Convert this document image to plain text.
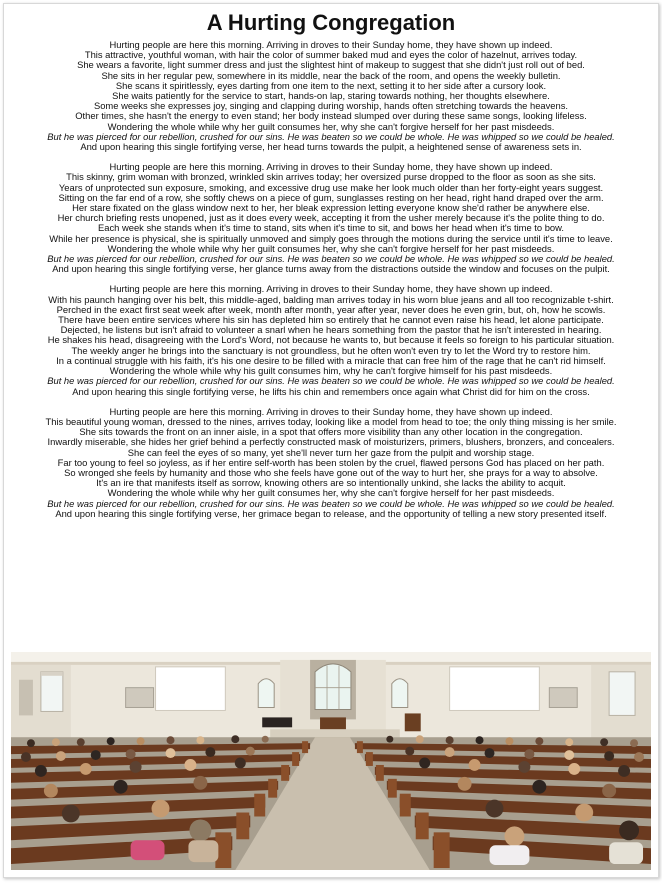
A Hurting Congregation
Hurting people are here this morning. Arriving in droves to their Sunday home, they have shown up indeed.
This attractive, youthful woman, with hair the color of summer baked mud and eyes the color of hazelnut, arrives today.
She wears a favorite, light summer dress and just the slightest hint of makeup to suggest that she didn't just roll out of bed.
She sits in her regular pew, somewhere in its middle, near the back of the room, and opens the weekly bulletin.
She scans it spiritlessly, eyes darting from one item to the next, setting it to her side after a cursory look.
She waits patiently for the service to start, hands-on lap, staring towards nothing, her thoughts elsewhere.
Some weeks she expresses joy, singing and clapping during worship, hands often stretching towards the heavens.
Other times, she hasn't the energy to even stand; her body instead slumped over during these same songs, looking lifeless.
Wondering the whole while why her guilt consumes her, why she can't forgive herself for her past misdeeds.
But he was pierced for our rebellion, crushed for our sins. He was beaten so we could be whole. He was whipped so we could be healed.
And upon hearing this single fortifying verse, her head turns towards the pulpit, a heightened sense of awareness sets in.
Hurting people are here this morning. Arriving in droves to their Sunday home, they have shown up indeed.
This skinny, grim woman with bronzed, wrinkled skin arrives today; her oversized purse dropped to the floor as soon as she sits.
Years of unprotected sun exposure, smoking, and excessive drug use make her look much older than her forty-eight years suggest.
Sitting on the far end of a row, she softly chews on a piece of gum, sunglasses resting on her head, right hand draped over the arm.
Her stare fixated on the glass window next to her, her bleak expression letting everyone know she'd rather be anywhere else.
Her church briefing rests unopened, just as it does every week, accepting it from the usher merely because it's the polite thing to do.
Each week she stands when it's time to stand, sits when it's time to sit, and bows her head when it's time to bow.
While her presence is physical, she is spiritually unmoved and simply goes through the motions during the service until it's time to leave.
Wondering the whole while why her guilt consumes her, why she can't forgive herself for her past misdeeds.
But he was pierced for our rebellion, crushed for our sins. He was beaten so we could be whole. He was whipped so we could be healed.
And upon hearing this single fortifying verse, her glance turns away from the distractions outside the window and focuses on the pulpit.
Hurting people are here this morning. Arriving in droves to their Sunday home, they have shown up indeed.
With his paunch hanging over his belt, this middle-aged, balding man arrives today in his worn blue jeans and all too recognizable t-shirt.
Perched in the exact first seat week after week, month after month, year after year, never does he even grin, but, oh, how he scowls.
There have been entire services where his sin has depleted him so entirely that he cannot even raise his head, let alone participate.
Dejected, he listens but isn't afraid to volunteer a snarl when he hears something from the pastor that he isn't interested in hearing.
He shakes his head, disagreeing with the Lord's Word, not because he wants to, but because it feels so foreign to his particular situation.
The weekly anger he brings into the sanctuary is not groundless, but he often won't even try to let the Word try to restore him.
In a continual struggle with his faith, it's his one desire to be filled with a miracle that can free him of the rage that he can't rid himself.
Wondering the whole while why his guilt consumes him, why he can't forgive himself for his past misdeeds.
But he was pierced for our rebellion, crushed for our sins. He was beaten so we could be whole. He was whipped so we could be healed.
And upon hearing this single fortifying verse, he lifts his chin and remembers once again what Christ did for him on the cross.
Hurting people are here this morning. Arriving in droves to their Sunday home, they have shown up indeed.
This beautiful young woman, dressed to the nines, arrives today, looking like a model from head to toe; the only thing missing is her smile.
She sits towards the front on an inner aisle, in a spot that offers more visibility than any other location in the congregation.
Inwardly miserable, she hides her grief behind a perfectly constructed mask of moisturizers, primers, blushers, bronzers, and concealers.
She can feel the eyes of so many, yet she'll never turn her gaze from the pulpit and worship stage.
Far too young to feel so joyless, as if her entire self-worth has been stolen by the cruel, flawed persons God has placed on her path.
So wronged she feels by humanity and those who she feels have gone out of the way to hurt her, she prays for a way to absolve.
It's an ire that manifests itself as sorrow, knowing others are so intentionally unkind, she lacks the ability to acquit.
Wondering the whole while why her guilt consumes her, why she can't forgive herself for her past misdeeds.
But he was pierced for our rebellion, crushed for our sins. He was beaten so we could be whole. He was whipped so we could be healed.
And upon hearing this single fortifying verse, her grimace began to release, and the opportunity of telling a new story presented itself.
